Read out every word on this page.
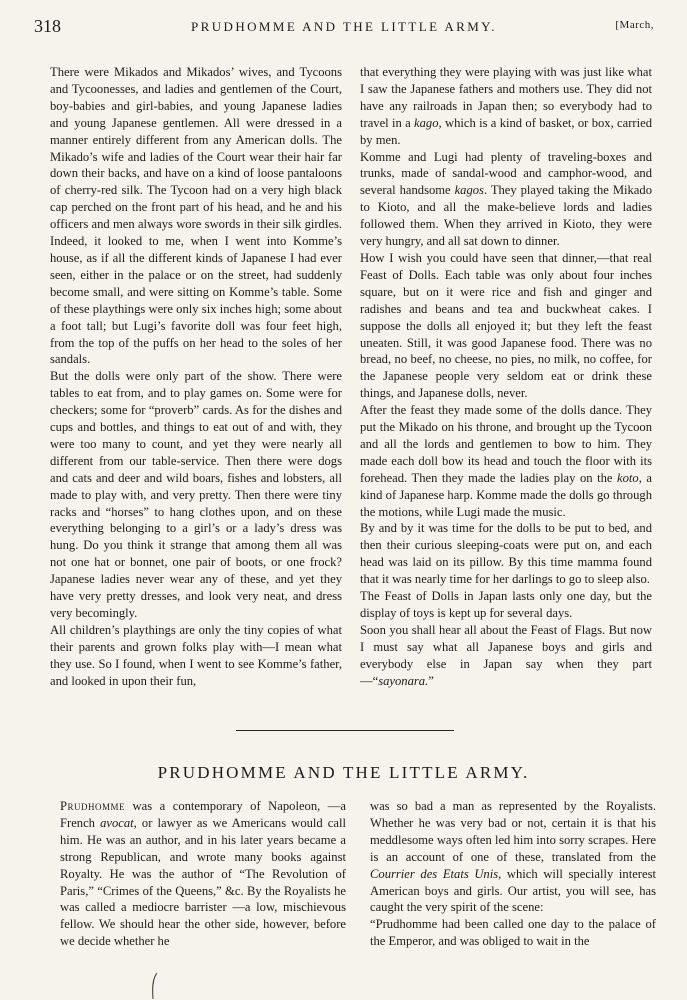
318	PRUDHOMME AND THE LITTLE ARMY.	[March,

There were Mikados and Mikados’ wives, and Tycoons and Tycoonesses, and ladies and gentlemen of the Court, boy-babies and girl-babies, and young Japanese ladies and young Japanese gentlemen. All were dressed in a manner entirely different from any American dolls. The Mikado’s wife and ladies of the Court wear their hair far down their backs, and have on a kind of loose pantaloons of cherry-red silk. The Tycoon had on a very high black cap perched on the front part of his head, and he and his officers and men always wore swords in their silk girdles. Indeed, it looked to me, when I went into Komme’s house, as if all the different kinds of Japanese I had ever seen, either in the palace or on the street, had suddenly become small, and were sitting on Komme’s table. Some of these playthings were only six inches high; some about a foot tall; but Lugi’s favorite doll was four feet high, from the top of the puffs on her head to the soles of her sandals.

But the dolls were only part of the show. There were tables to eat from, and to play games on. Some were for checkers; some for “proverb” cards. As for the dishes and cups and bottles, and things to eat out of and with, they were too many to count, and yet they were nearly all different from our table-service. Then there were dogs and cats and deer and wild boars, fishes and lobsters, all made to play with, and very pretty. Then there were tiny racks and “horses” to hang clothes upon, and on these everything belonging to a girl’s or a lady’s dress was hung. Do you think it strange that among them all was not one hat or bonnet, one pair of boots, or one frock? Japanese ladies never wear any of these, and yet they have very pretty dresses, and look very neat, and dress very becomingly.

All children’s playthings are only the tiny copies of what their parents and grown folks play with—I mean what they use. So I found, when I went to see Komme’s father, and looked in upon their fun,

that everything they were playing with was just like what I saw the Japanese fathers and mothers use. They did not have any railroads in Japan then; so everybody had to travel in a kago, which is a kind of basket, or box, carried by men.

Komme and Lugi had plenty of traveling-boxes and trunks, made of sandal-wood and camphor-wood, and several handsome kagos. They played taking the Mikado to Kioto, and all the make-believe lords and ladies followed them. When they arrived in Kioto, they were very hungry, and all sat down to dinner.

How I wish you could have seen that dinner,—that real Feast of Dolls. Each table was only about four inches square, but on it were rice and fish and ginger and radishes and beans and tea and buckwheat cakes. I suppose the dolls all enjoyed it; but they left the feast uneaten. Still, it was good Japanese food. There was no bread, no beef, no cheese, no pies, no milk, no coffee, for the Japanese people very seldom eat or drink these things, and Japanese dolls, never.

After the feast they made some of the dolls dance. They put the Mikado on his throne, and brought up the Tycoon and all the lords and gentlemen to bow to him. They made each doll bow its head and touch the floor with its forehead. Then they made the ladies play on the koto, a kind of Japanese harp. Komme made the dolls go through the motions, while Lugi made the music.

By and by it was time for the dolls to be put to bed, and then their curious sleeping-coats were put on, and each head was laid on its pillow. By this time mamma found that it was nearly time for her darlings to go to sleep also.

The Feast of Dolls in Japan lasts only one day, but the display of toys is kept up for several days.

Soon you shall hear all about the Feast of Flags. But now I must say what all Japanese boys and girls and everybody else in Japan say when they part—“sayonara.”

PRUDHOMME AND THE LITTLE ARMY.

Prudhomme was a contemporary of Napoleon, —a French avocat, or lawyer as we Americans would call him. He was an author, and in his later years became a strong Republican, and wrote many books against Royalty. He was the author of “The Revolution of Paris,” “Crimes of the Queens,” &c. By the Royalists he was called a mediocre barrister —a low, mischievous fellow. We should hear the other side, however, before we decide whether he

was so bad a man as represented by the Royalists. Whether he was very bad or not, certain it is that his meddlesome ways often led him into sorry scrapes. Here is an account of one of these, translated from the Courrier des Etats Unis, which will specially interest American boys and girls. Our artist, you will see, has caught the very spirit of the scene:

“Prudhomme had been called one day to the palace of the Emperor, and was obliged to wait in the
